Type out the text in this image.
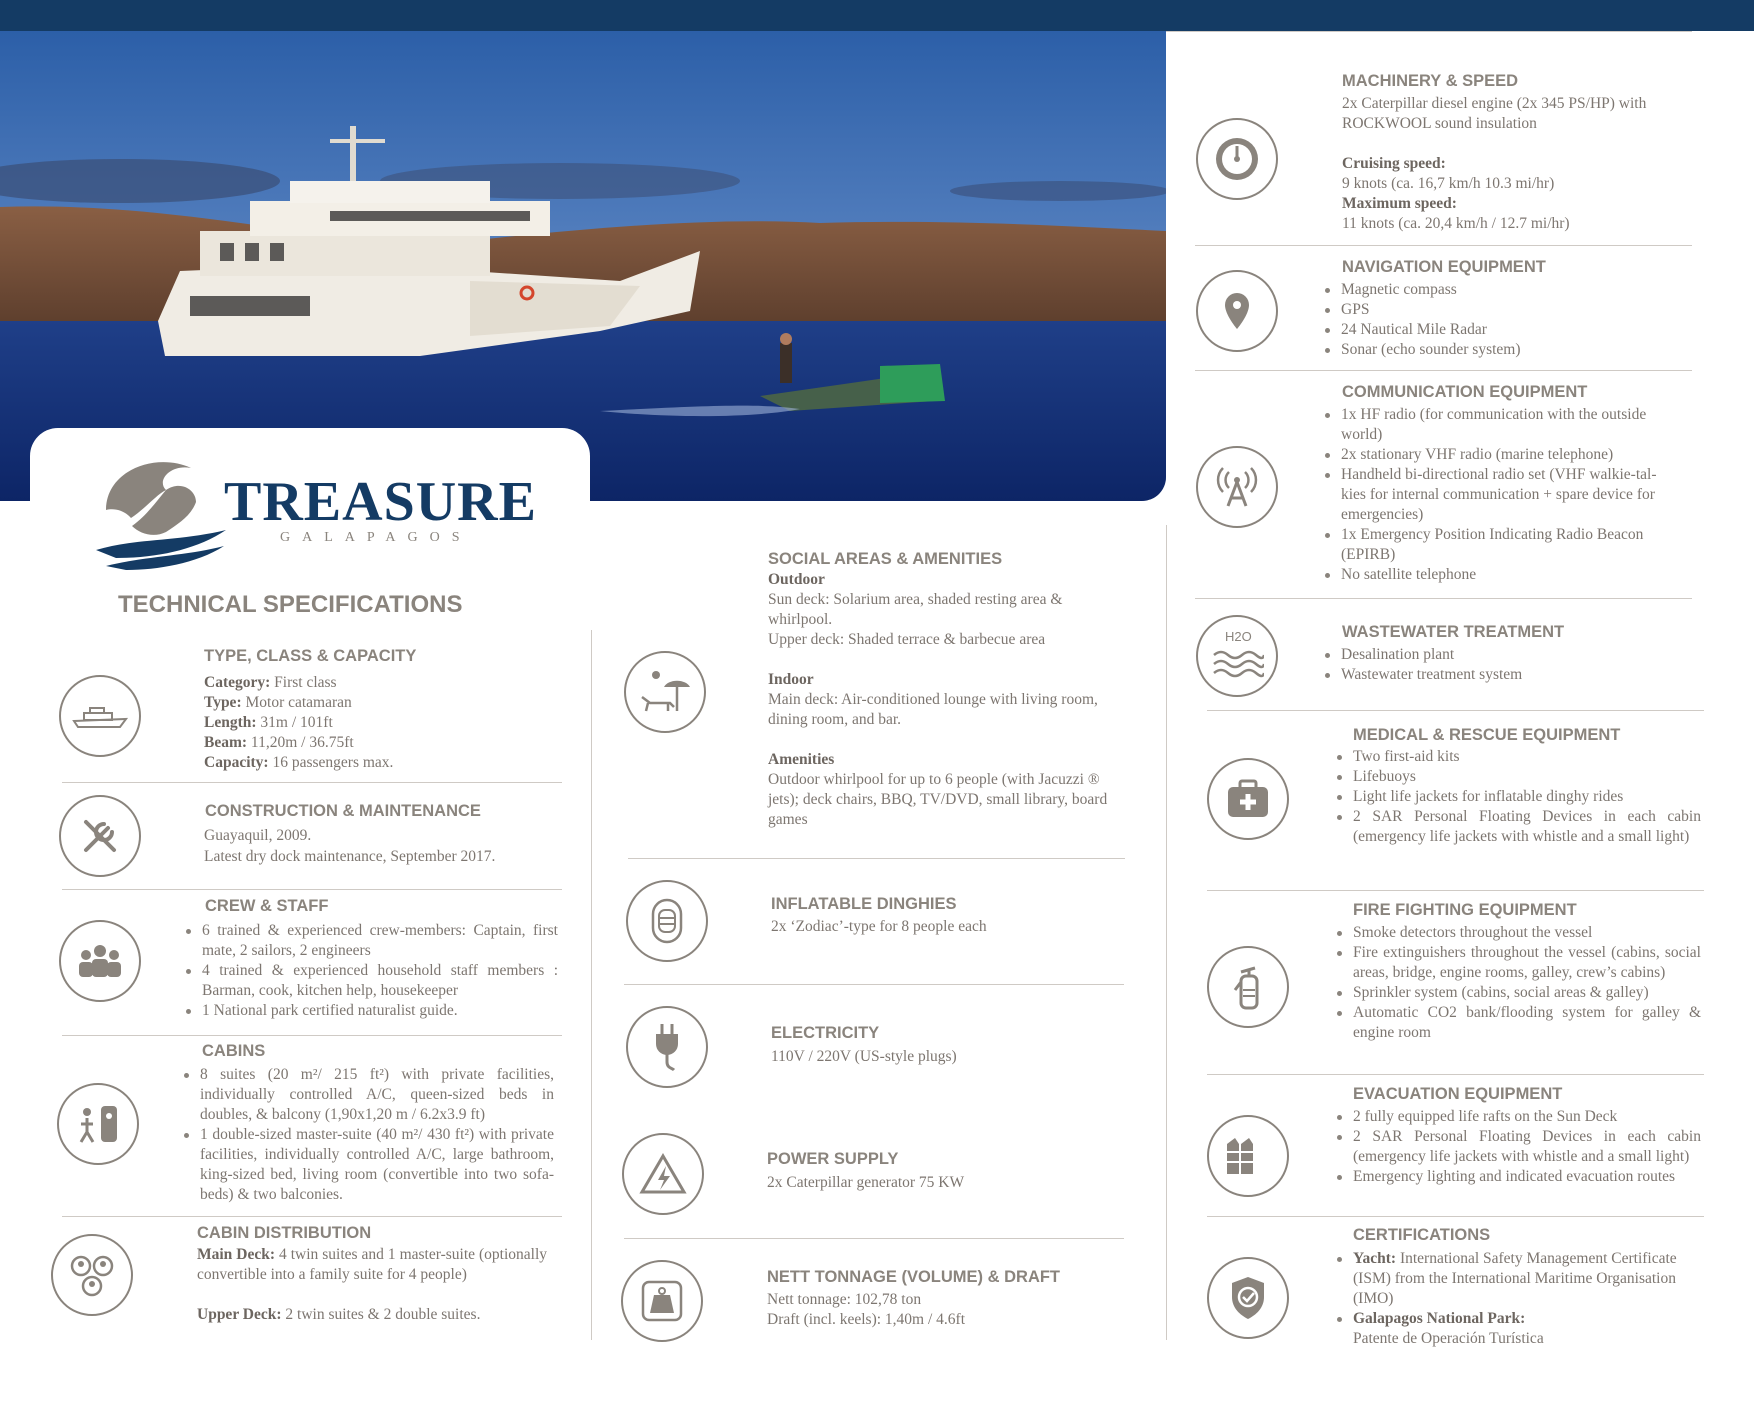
TREASURE
GALAPAGOS
TECHNICAL SPECIFICATIONS
TYPE, CLASS & CAPACITY
Category: First class
Type: Motor catamaran
Length: 31m / 101ft
Beam: 11,20m / 36.75ft
Capacity: 16 passengers max.
CONSTRUCTION & MAINTENANCE
Guayaquil, 2009.
Latest dry dock maintenance, September 2017.
CREW & STAFF
6 trained & experienced crew-members: Captain, first mate, 2 sailors, 2 engineers
4 trained & experienced household staff members : Barman, cook, kitchen help, housekeeper
1 National park certified naturalist guide.
CABINS
8 suites (20 m²/ 215 ft²) with private facilities, individually controlled A/C, queen-sized beds in doubles, & balcony (1,90x1,20 m / 6.2x3.9 ft)
1 double-sized master-suite (40 m²/ 430 ft²) with private facilities, individually controlled A/C, large bathroom, king-sized bed, living room (convertible into two sofa-beds) & two balconies.
CABIN DISTRIBUTION

Main Deck: 4 twin suites and 1 master-suite (optionally convertible into a family suite for 4 people)

Upper Deck: 2 twin suites & 2 double suites.

SOCIAL AREAS & AMENITIES
Outdoor
Sun deck: Solarium area, shaded resting area & whirlpool.
Upper deck: Shaded terrace & barbecue area
Indoor
Main deck: Air-conditioned lounge with living room, dining room, and bar.
Amenities
Outdoor whirlpool for up to 6 people (with Jacuzzi ® jets); deck chairs, BBQ, TV/DVD, small library, board games
INFLATABLE DINGHIES
2x ‘Zodiac’-type for 8 people each
ELECTRICITY
110V / 220V (US-style plugs)
POWER SUPPLY
2x Caterpillar generator 75 KW
NETT TONNAGE (VOLUME) & DRAFT
Nett tonnage: 102,78 ton
Draft (incl. keels): 1,40m / 4.6ft
MACHINERY & SPEED
2x Caterpillar diesel engine (2x 345 PS/HP) with ROCKWOOL sound insulation
Cruising speed:
9 knots (ca. 16,7 km/h 10.3 mi/hr)
Maximum speed:
11 knots (ca. 20,4 km/h / 12.7 mi/hr)
NAVIGATION EQUIPMENT
Magnetic compass
GPS
24 Nautical Mile Radar
Sonar (echo sounder system)
COMMUNICATION EQUIPMENT
1x HF radio (for communication with the outside world)
2x stationary VHF radio (marine telephone)
Handheld bi-directional radio set (VHF walkie-tal- kies for internal communication + spare device for emergencies)
1x Emergency Position Indicating Radio Beacon (EPIRB)
No satellite telephone
H2O	WASTEWATER TREATMENT
Desalination plant
Wastewater treatment system
MEDICAL & RESCUE EQUIPMENT
Two first-aid kits
Lifebuoys
Light life jackets for inflatable dinghy rides
2 SAR Personal Floating Devices in each cabin (emergency life jackets with whistle and a small light)
FIRE FIGHTING EQUIPMENT
Smoke detectors throughout the vessel
Fire extinguishers throughout the vessel (cabins, social areas, bridge, engine rooms, galley, crew’s cabins)
Sprinkler system (cabins, social areas & galley)
Automatic CO2 bank/flooding system for galley & engine room
EVACUATION EQUIPMENT
2 fully equipped life rafts on the Sun Deck
2 SAR Personal Floating Devices in each cabin (emergency life jackets with whistle and a small light)
Emergency lighting and indicated evacuation routes
CERTIFICATIONS
Yacht: International Safety Management Certificate (ISM) from the International Maritime Organisation (IMO)
Galapagos National Park:
Patente de Operación Turística
